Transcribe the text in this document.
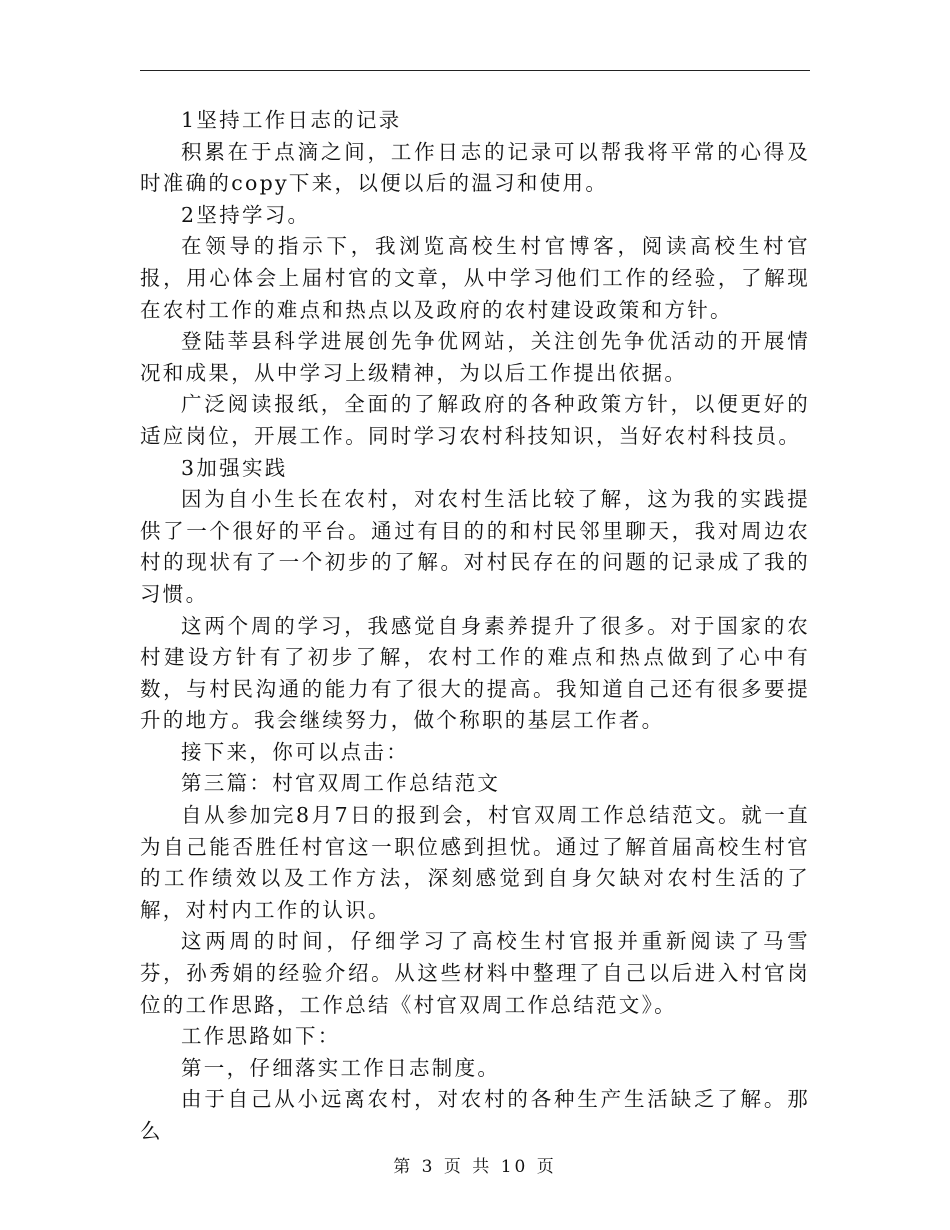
1坚持工作日志的记录

积累在于点滴之间，工作日志的记录可以帮我将平常的心得及时准确的copy下来，以便以后的温习和使用。

2坚持学习。

在领导的指示下，我浏览高校生村官博客，阅读高校生村官报，用心体会上届村官的文章，从中学习他们工作的经验，了解现在农村工作的难点和热点以及政府的农村建设政策和方针。

登陆莘县科学进展创先争优网站，关注创先争优活动的开展情况和成果，从中学习上级精神，为以后工作提出依据。

广泛阅读报纸，全面的了解政府的各种政策方针，以便更好的适应岗位，开展工作。同时学习农村科技知识，当好农村科技员。

3加强实践

因为自小生长在农村，对农村生活比较了解，这为我的实践提供了一个很好的平台。通过有目的的和村民邻里聊天，我对周边农村的现状有了一个初步的了解。对村民存在的问题的记录成了我的习惯。

这两个周的学习，我感觉自身素养提升了很多。对于国家的农村建设方针有了初步了解，农村工作的难点和热点做到了心中有数，与村民沟通的能力有了很大的提高。我知道自己还有很多要提升的地方。我会继续努力，做个称职的基层工作者。

接下来，你可以点击：

第三篇：村官双周工作总结范文

自从参加完8月7日的报到会，村官双周工作总结范文。就一直为自己能否胜任村官这一职位感到担忧。通过了解首届高校生村官的工作绩效以及工作方法，深刻感觉到自身欠缺对农村生活的了解，对村内工作的认识。

这两周的时间，仔细学习了高校生村官报并重新阅读了马雪芬，孙秀娟的经验介绍。从这些材料中整理了自己以后进入村官岗位的工作思路，工作总结《村官双周工作总结范文》。

工作思路如下：

第一，仔细落实工作日志制度。

由于自己从小远离农村，对农村的各种生产生活缺乏了解。那么

第 3 页 共 10 页
